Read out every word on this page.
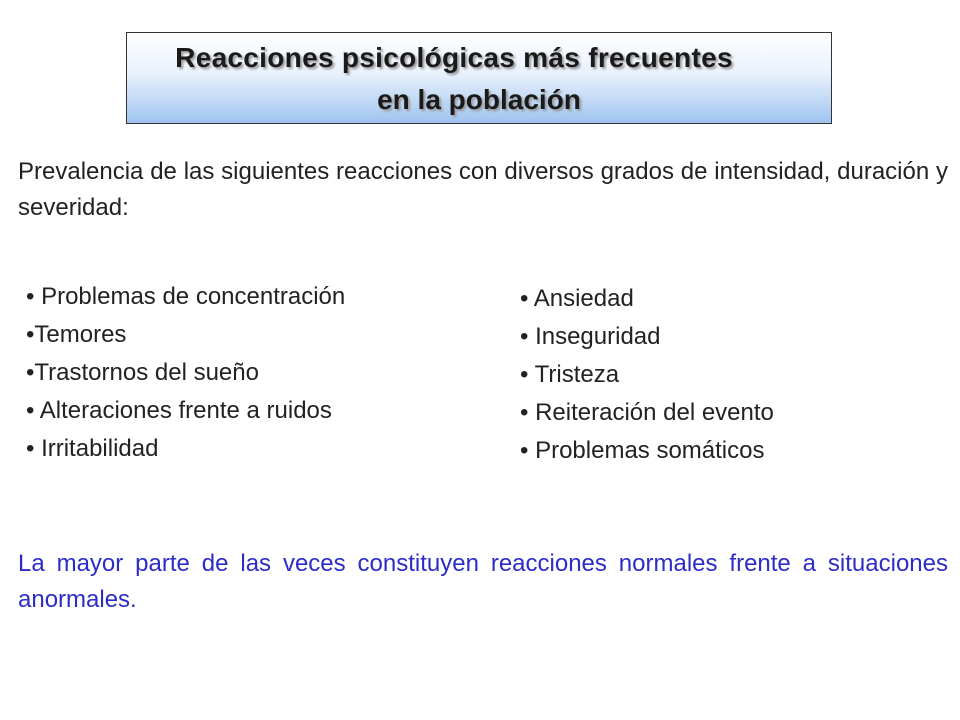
Reacciones psicológicas más frecuentes
en la población
Prevalencia de las siguientes reacciones con diversos grados de intensidad, duración y severidad:
• Problemas de concentración
•Temores
•Trastornos del sueño
• Alteraciones frente a ruidos
• Irritabilidad
• Ansiedad
• Inseguridad
• Tristeza
• Reiteración del evento
• Problemas somáticos
La mayor parte de las veces constituyen reacciones normales frente a situaciones anormales.
